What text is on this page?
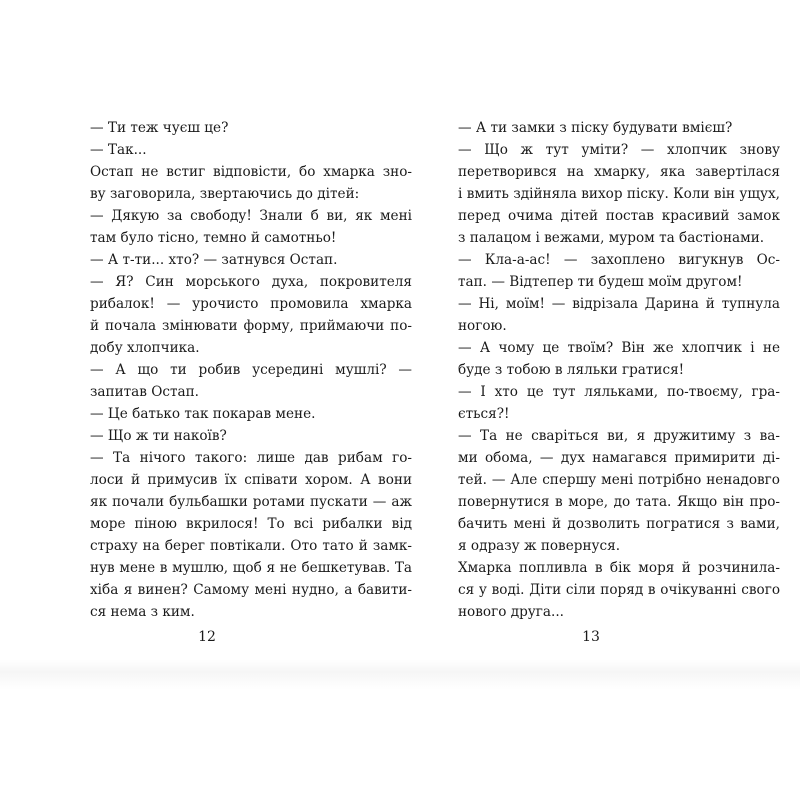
— Ти теж чуєш це?
— Так...
Остап не встиг відповісти, бо хмарка зно-
ву заговорила, звертаючись до дітей:
— Дякую за свободу! Знали б ви, як мені
там було тісно, темно й самотньо!
— А т-ти... хто? — затнувся Остап.
— Я? Син морського духа, покровителя
рибалок! — урочисто промовила хмарка
й почала змінювати форму, приймаючи по-
добу хлопчика.
— А що ти робив усередині мушлі? —
запитав Остап.
— Це батько так покарав мене.
— Що ж ти накоїв?
— Та нічого такого: лише дав рибам го-
лоси й примусив їх співати хором. А вони
як почали бульбашки ротами пускати — аж
море піною вкрилося! То всі рибалки від
страху на берег повтікали. Ото тато й замк-
нув мене в мушлю, щоб я не бешкетував. Та
хіба я винен? Самому мені нудно, а бавити-
ся нема з ким.
— А ти замки з піску будувати вмієш?
— Що ж тут уміти? — хлопчик знову
перетворився на хмарку, яка завертілася
і вмить здійняла вихор піску. Коли він ущух,
перед очима дітей постав красивий замок
з палацом і вежами, муром та бастіонами.
— Кла-а-ас! — захоплено вигукнув Ос-
тап. — Відтепер ти будеш моїм другом!
— Ні, моїм! — відрізала Дарина й тупнула
ногою.
— А чому це твоїм? Він же хлопчик і не
буде з тобою в ляльки гратися!
— І хто це тут ляльками, по-твоєму, гра-
ється?!
— Та не сваріться ви, я дружитиму з ва-
ми обома, — дух намагався примирити ді-
тей. — Але спершу мені потрібно ненадовго
повернутися в море, до тата. Якщо він про-
бачить мені й дозволить погратися з вами,
я одразу ж повернуся.
Хмарка попливла в бік моря й розчинила-
ся у воді. Діти сіли поряд в очікуванні свого
нового друга...
12	13
